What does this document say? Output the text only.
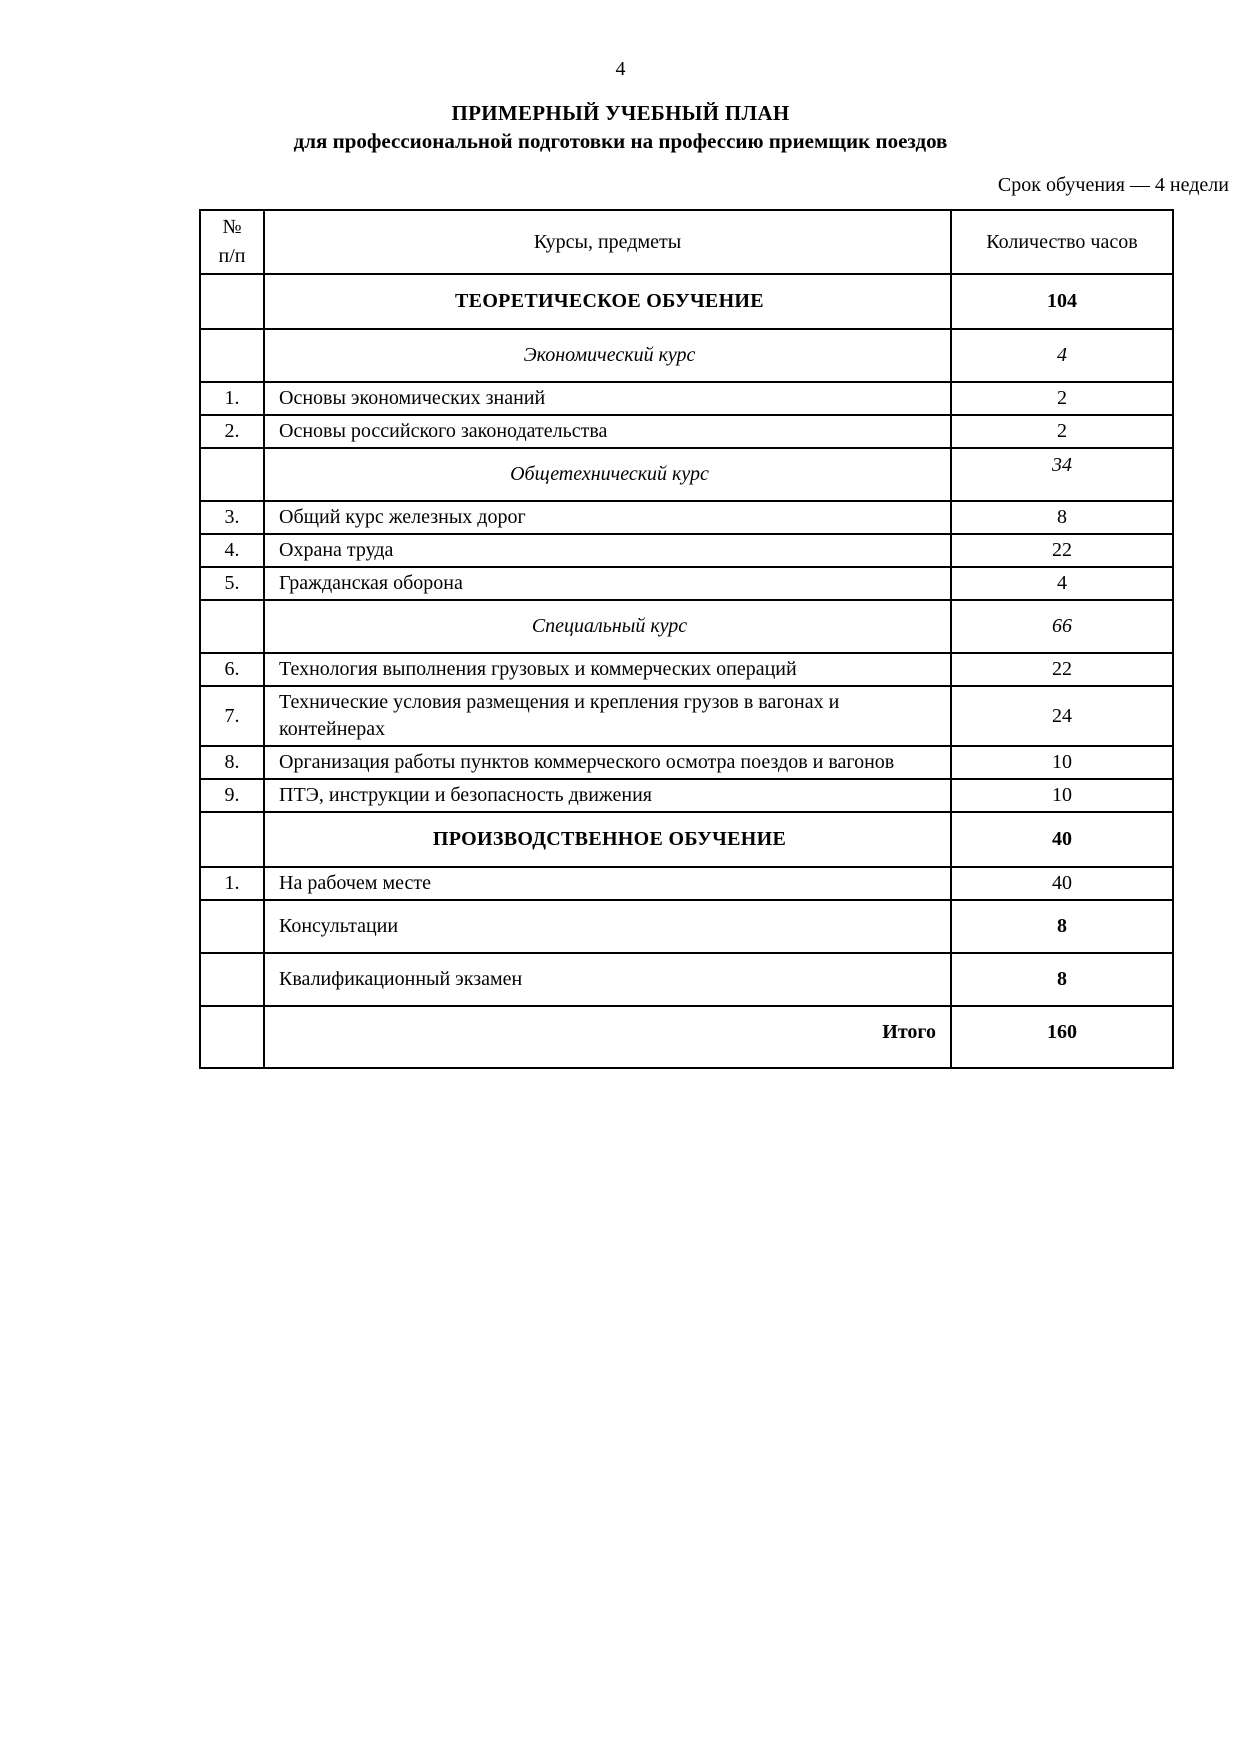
4
ПРИМЕРНЫЙ УЧЕБНЫЙ ПЛАН
для профессиональной подготовки на профессию приемщик поездов
Срок обучения — 4 недели
№
п/п	Курсы, предметы	Количество часов
	ТЕОРЕТИЧЕСКОЕ ОБУЧЕНИЕ	104
	Экономический курс	4
1.	Основы экономических знаний	2
2.	Основы российского законодательства	2
	Общетехнический курс	34
3.	Общий курс железных дорог	8
4.	Охрана труда	22
5.	Гражданская оборона	4
	Специальный курс	66
6.	Технология выполнения грузовых и коммерческих операций	22
7.	Технические условия размещения и крепления грузов в вагонах и контейнерах	24
8.	Организация работы пунктов коммерческого осмотра поездов и вагонов	10
9.	ПТЭ, инструкции и безопасность движения	10
	ПРОИЗВОДСТВЕННОЕ ОБУЧЕНИЕ	40
1.	На рабочем месте	40
	Консультации	8
	Квалификационный экзамен	8
	Итого	160
